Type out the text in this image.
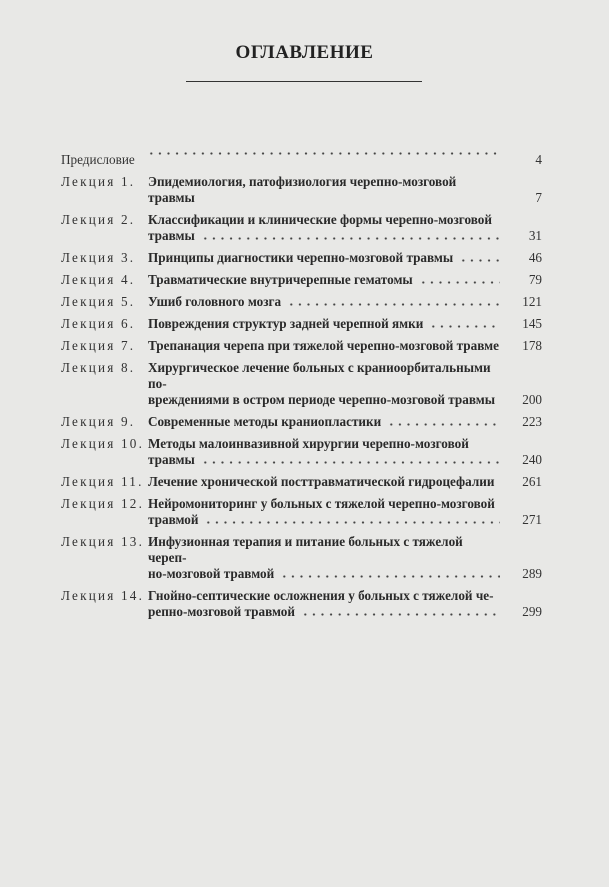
ОГЛАВЛЕНИЕ
Предисловие	4
Лекция 1. Эпидемиология, патофизиология черепно-мозговой травмы	7
Лекция 2. Классификации и клинические формы черепно-мозговой
травмы	31
Лекция 3. Принципы диагностики черепно-мозговой травмы	46
Лекция 4. Травматические внутричерепные гематомы	79
Лекция 5. Ушиб головного мозга	121
Лекция 6. Повреждения структур задней черепной ямки	145
Лекция 7. Трепанация черепа при тяжелой черепно-мозговой травме	178
Лекция 8. Хирургическое лечение больных с краниоорбитальными по-
вреждениями в остром периоде черепно-мозговой травмы	200
Лекция 9. Современные методы краниопластики	223
Лекция 10. Методы малоинвазивной хирургии черепно-мозговой
травмы	240
Лекция 11. Лечение хронической посттравматической гидроцефалии	261
Лекция 12. Нейромониторинг у больных с тяжелой черепно-мозговой
травмой	271
Лекция 13. Инфузионная терапия и питание больных с тяжелой череп-
но-мозговой травмой	289
Лекция 14. Гнойно-септические осложнения у больных с тяжелой че-
репно-мозговой травмой	299
